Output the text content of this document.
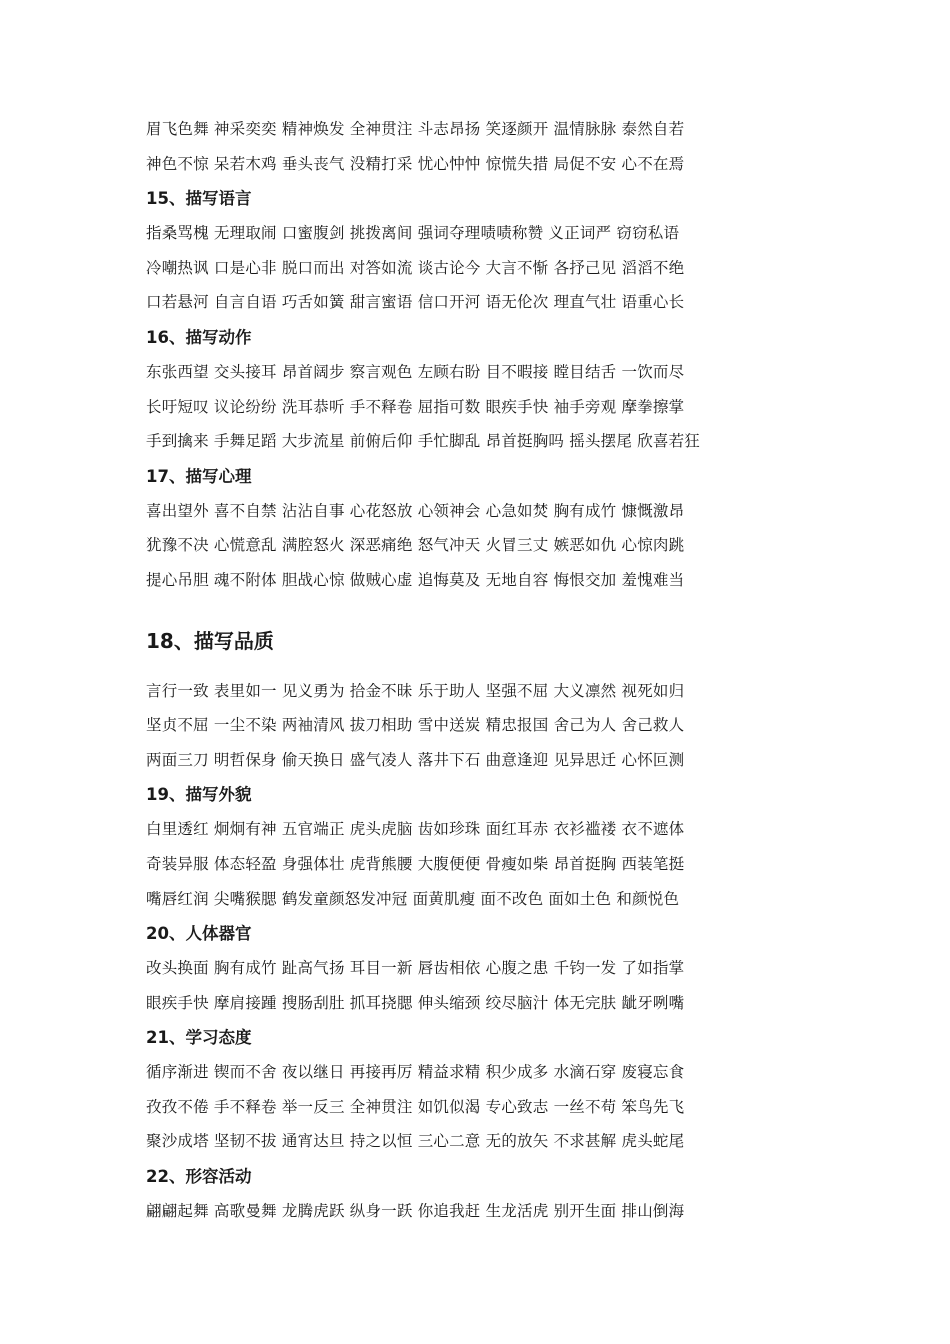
眉飞色舞 神采奕奕 精神焕发 全神贯注 斗志昂扬 笑逐颜开 温情脉脉 泰然自若
神色不惊 呆若木鸡 垂头丧气 没精打采 忧心忡忡 惊慌失措 局促不安 心不在焉
15、描写语言
指桑骂槐 无理取闹 口蜜腹剑 挑拨离间 强词夺理啧啧称赞 义正词严 窃窃私语
冷嘲热讽 口是心非 脱口而出 对答如流 谈古论今 大言不惭 各抒己见 滔滔不绝
口若悬河 自言自语 巧舌如簧 甜言蜜语 信口开河 语无伦次 理直气壮 语重心长
16、描写动作
东张西望 交头接耳 昂首阔步 察言观色 左顾右盼 目不暇接 瞠目结舌 一饮而尽
长吁短叹 议论纷纷 洗耳恭听 手不释卷 屈指可数 眼疾手快 袖手旁观 摩拳擦掌
手到擒来 手舞足蹈 大步流星 前俯后仰 手忙脚乱 昂首挺胸吗 摇头摆尾 欣喜若狂
17、描写心理
喜出望外 喜不自禁 沾沾自事 心花怒放 心领神会 心急如焚 胸有成竹 慷慨激昂
犹豫不决 心慌意乱 满腔怒火 深恶痛绝 怒气冲天 火冒三丈 嫉恶如仇 心惊肉跳
提心吊胆 魂不附体 胆战心惊 做贼心虚 追悔莫及 无地自容 悔恨交加 羞愧难当
18、描写品质
言行一致 表里如一 见义勇为 拾金不昧 乐于助人 坚强不屈 大义凛然 视死如归
坚贞不屈 一尘不染 两袖清风 拔刀相助 雪中送炭 精忠报国 舍己为人 舍己救人
两面三刀 明哲保身 偷天换日 盛气凌人 落井下石 曲意逢迎 见异思迁 心怀叵测
19、描写外貌
白里透红 炯炯有神 五官端正 虎头虎脑 齿如珍珠 面红耳赤 衣衫褴褛 衣不遮体
奇装异服 体态轻盈 身强体壮 虎背熊腰 大腹便便 骨瘦如柴 昂首挺胸 西装笔挺
嘴唇红润 尖嘴猴腮 鹤发童颜怒发冲冠 面黄肌瘦 面不改色 面如土色 和颜悦色
20、人体器官
改头换面 胸有成竹 趾高气扬 耳目一新 唇齿相依 心腹之患 千钧一发 了如指掌
眼疾手快 摩肩接踵 搜肠刮肚 抓耳挠腮 伸头缩颈 绞尽脑汁 体无完肤 龇牙咧嘴
21、学习态度
循序渐进 锲而不舍 夜以继日 再接再厉 精益求精 积少成多 水滴石穿 废寝忘食
孜孜不倦 手不释卷 举一反三 全神贯注 如饥似渴 专心致志 一丝不苟 笨鸟先飞
聚沙成塔 坚韧不拔 通宵达旦 持之以恒 三心二意 无的放矢 不求甚解 虎头蛇尾
22、形容活动
翩翩起舞 高歌曼舞 龙腾虎跃 纵身一跃 你追我赶 生龙活虎 别开生面 排山倒海
